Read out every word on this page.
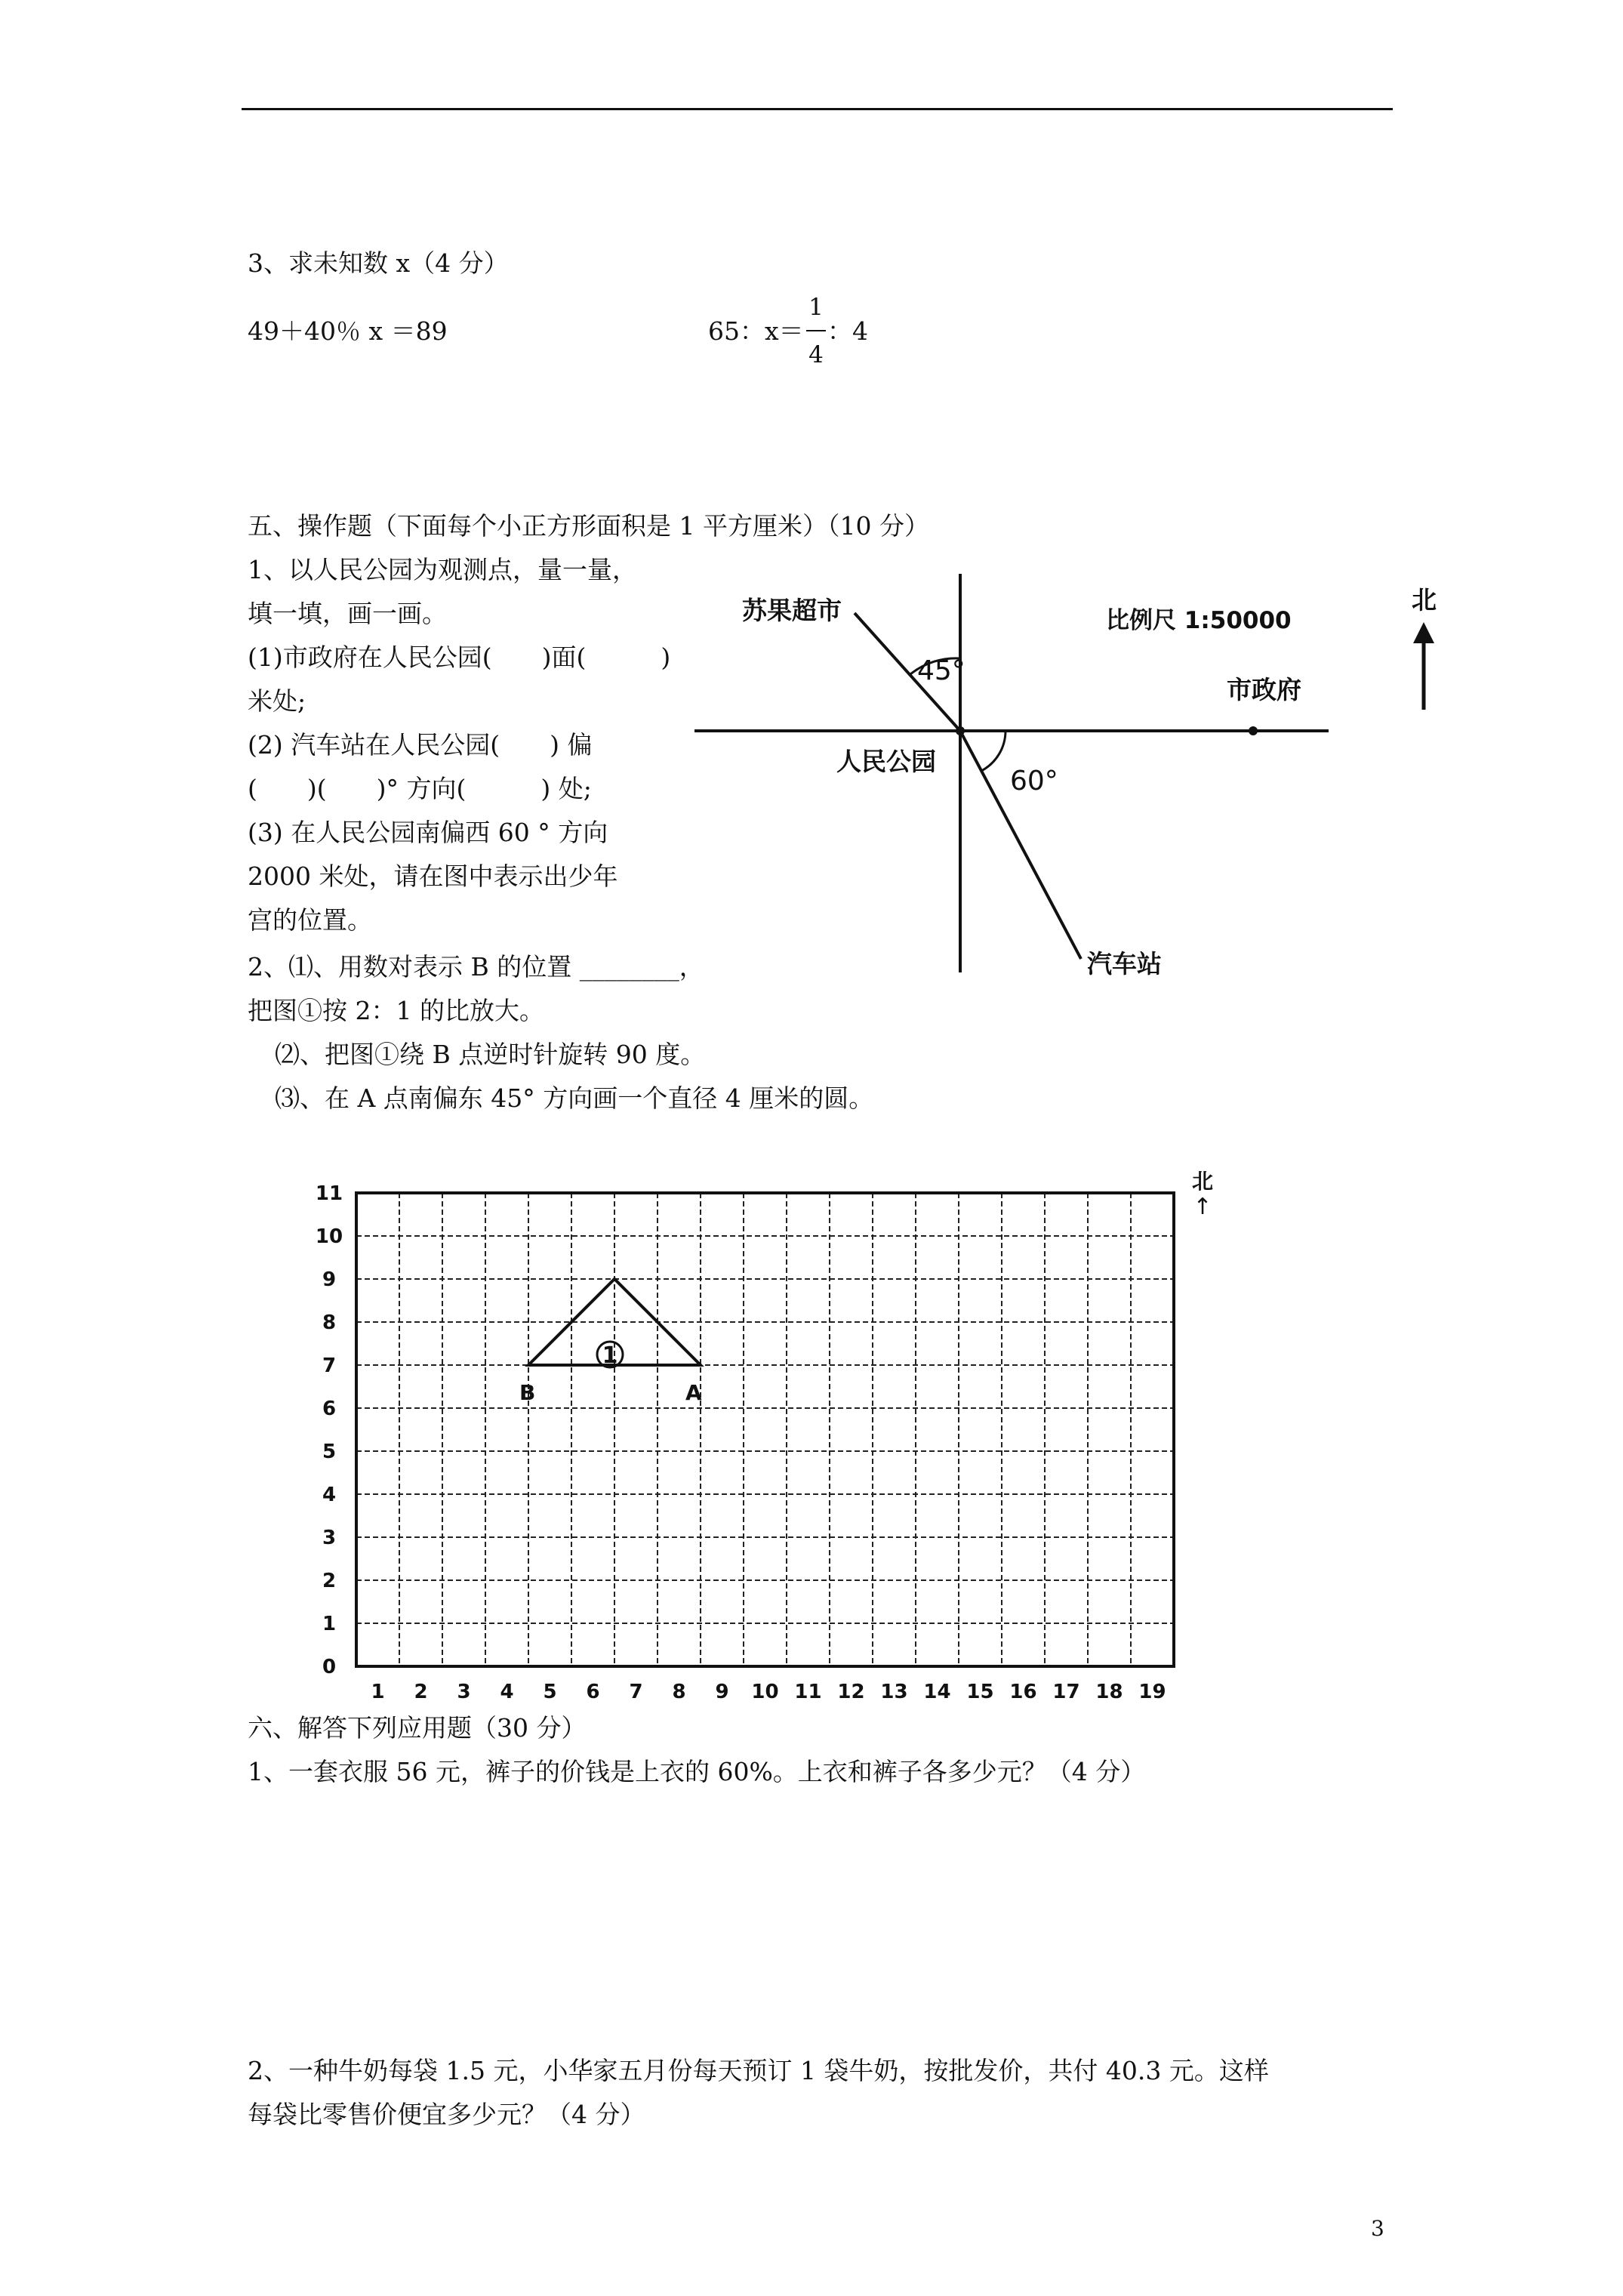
3、求未知数 x（4 分）
49＋40％ x ＝89	65：x＝
1
4
：4
五、操作题（下面每个小正方形面积是 1 平方厘米）（10 分）
1、以人民公园为观测点，量一量，
填一填，画一画。
(1)市政府在人民公园(　　)面(　　　)
米处;
(2) 汽车站在人民公园(　　) 偏
(　　)(　　)° 方向(　　　) 处;
(3) 在人民公园南偏西 60 ° 方向
2000 米处，请在图中表示出少年
宫的位置。
2、⑴、用数对表示 B 的位置 ________，
把图①按 2：1 的比放大。
⑵、把图①绕 B 点逆时针旋转 90 度。
⑶、在 A 点南偏东 45° 方向画一个直径 4 厘米的圆。
苏果超市	比例尺 1:50000
45°
市政府
人民公园
60°
汽车站
北
11
10
9
8
7
6
5
4
3
2
1
0
1 2 3 4 5 6 7 8 9 10 11 12 13 14 15 16 17 18 19
1
B	A
北
↑
六、解答下列应用题（30 分）
1、一套衣服 56 元，裤子的价钱是上衣的 60%。上衣和裤子各多少元？（4 分）
2、一种牛奶每袋 1.5 元，小华家五月份每天预订 1 袋牛奶，按批发价，共付 40.3 元。这样
每袋比零售价便宜多少元？（4 分）
3
